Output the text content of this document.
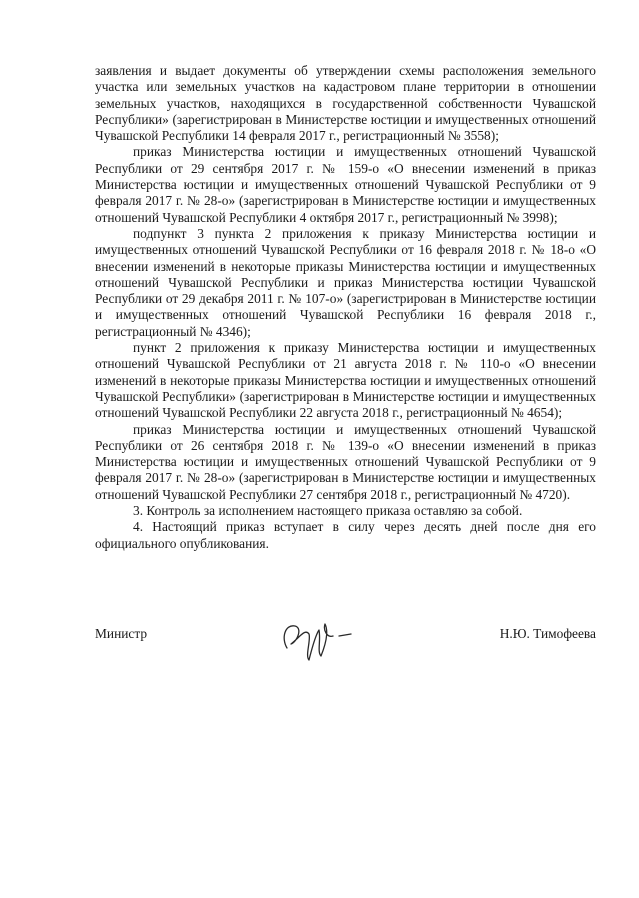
заявления и выдает документы об утверждении схемы расположения земельного участка или земельных участков на кадастровом плане территории в отношении земельных участков, находящихся в государственной собственности Чувашской Республики» (зарегистрирован в Министерстве юстиции и имущественных отношений Чувашской Республики 14 февраля 2017 г., регистрационный № 3558);

приказ Министерства юстиции и имущественных отношений Чувашской Республики от 29 сентября 2017 г. № 159-о «О внесении изменений в приказ Министерства юстиции и имущественных отношений Чувашской Республики от 9 февраля 2017 г. № 28-о» (зарегистрирован в Министерстве юстиции и имущественных отношений Чувашской Республики 4 октября 2017 г., регистрационный № 3998);

подпункт 3 пункта 2 приложения к приказу Министерства юстиции и имущественных отношений Чувашской Республики от 16 февраля 2018 г. № 18-о «О внесении изменений в некоторые приказы Министерства юстиции и имущественных отношений Чувашской Республики и приказ Министерства юстиции Чувашской Республики от 29 декабря 2011 г. № 107-о» (зарегистрирован в Министерстве юстиции и имущественных отношений Чувашской Республики 16 февраля 2018 г., регистрационный № 4346);

пункт 2 приложения к приказу Министерства юстиции и имущественных отношений Чувашской Республики от 21 августа 2018 г. № 110-о «О внесении изменений в некоторые приказы Министерства юстиции и имущественных отношений Чувашской Республики» (зарегистрирован в Министерстве юстиции и имущественных отношений Чувашской Республики 22 августа 2018 г., регистрационный № 4654);

приказ Министерства юстиции и имущественных отношений Чувашской Республики от 26 сентября 2018 г. № 139-о «О внесении изменений в приказ Министерства юстиции и имущественных отношений Чувашской Республики от 9 февраля 2017 г. № 28-о» (зарегистрирован в Министерстве юстиции и имущественных отношений Чувашской Республики 27 сентября 2018 г., регистрационный № 4720).

3. Контроль за исполнением настоящего приказа оставляю за собой.

4. Настоящий приказ вступает в силу через десять дней после дня его официального опубликования.

Министр	Н.Ю. Тимофеева
